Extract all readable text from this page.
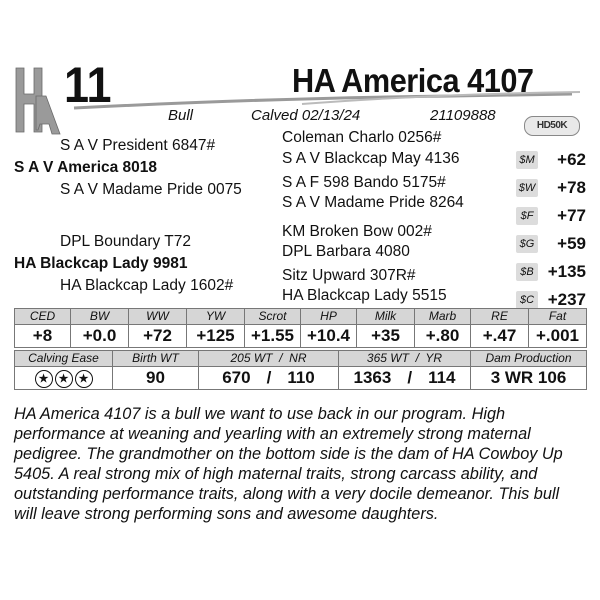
11	HA America 4107
Bull	Calved 02/13/24	21109888
HD50K
S A V President 6847#
S A V America 8018
S A V Madame Pride 0075
DPL Boundary T72
HA Blackcap Lady 9981
HA Blackcap Lady 1602#
Coleman Charlo 0256#
S A V Blackcap May 4136
S A F 598 Bando 5175#
S A V Madame Pride 8264
KM Broken Bow 002#
DPL Barbara 4080
Sitz Upward 307R#
HA Blackcap Lady 5515
$M +62
$W +78
$F +77
$G +59
$B +135
$C +237
CED	BW	WW	YW	Scrot	HP	Milk	Marb	RE	Fat
+8	+0.0	+72	+125	+1.55	+10.4	+35	+.80	+.47	+.001
Calving Ease	Birth WT	205 WT  /  NR	365 WT  /  YR	Dam Production
★ ★ ★	90	670 / 110	1363 / 114	3 WR 106
HA America 4107 is a bull we want to use back in our program. High performance at weaning and yearling with an extremely strong maternal pedigree. The grandmother on the bottom side is the dam of HA Cowboy Up 5405. A real strong mix of high maternal traits, strong carcass ability, and outstanding performance traits, along with a very docile demeanor. This bull will leave strong performing sons and awesome daughters.
